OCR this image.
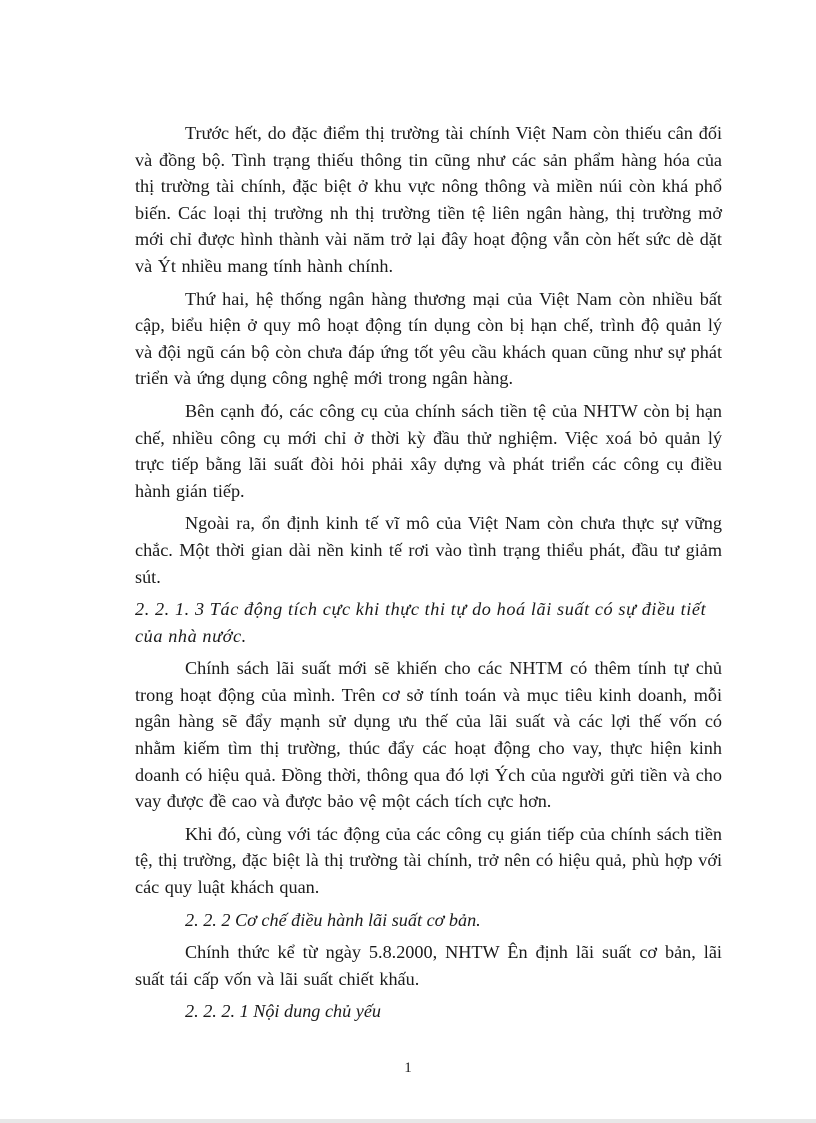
Trước hết, do đặc điểm thị trường tài chính Việt Nam còn thiếu cân đối và đồng bộ. Tình trạng thiếu thông tin cũng như các sản phẩm hàng hóa của thị trường tài chính, đặc biệt ở khu vực nông thông và miền núi còn khá phổ biến. Các loại thị trường nh thị trường tiền tệ liên ngân hàng, thị trường mở mới chỉ được hình thành vài năm trở lại đây hoạt động vẫn còn hết sức dè dặt và Ýt nhiều mang tính hành chính.

Thứ hai, hệ thống ngân hàng thương mại của Việt Nam còn nhiều bất cập, biểu hiện ở quy mô hoạt động tín dụng còn bị hạn chế, trình độ quản lý và đội ngũ cán bộ còn chưa đáp ứng tốt yêu cầu khách quan cũng như sự phát triển và ứng dụng công nghệ mới trong ngân hàng.

Bên cạnh đó, các công cụ của chính sách tiền tệ của NHTW còn bị hạn chế, nhiều công cụ mới chỉ ở thời kỳ đầu thử nghiệm. Việc xoá bỏ quản lý trực tiếp bằng lãi suất đòi hỏi phải xây dựng và phát triển các công cụ điều hành gián tiếp.

Ngoài ra, ổn định kinh tế vĩ mô của Việt Nam còn chưa thực sự vững chắc. Một thời gian dài nền kinh tế rơi vào tình trạng thiểu phát, đầu tư giảm sút.

2. 2. 1. 3 Tác động tích cực khi thực thi tự do hoá lãi suất có sự điều tiết của nhà nước.

Chính sách lãi suất mới sẽ khiến cho các NHTM có thêm tính tự chủ trong hoạt động của mình. Trên cơ sở tính toán và mục tiêu kinh doanh, mỗi ngân hàng sẽ đẩy mạnh sử dụng ưu thế của lãi suất và các lợi thế vốn có nhằm kiếm tìm thị trường, thúc đẩy các hoạt động cho vay, thực hiện kinh doanh có hiệu quả. Đồng thời, thông qua đó lợi Ých của người gửi tiền và cho vay được đề cao và được bảo vệ một cách tích cực hơn.

Khi đó, cùng với tác động của các công cụ gián tiếp của chính sách tiền tệ, thị trường, đặc biệt là thị trường tài chính, trở nên có hiệu quả, phù hợp với các quy luật khách quan.

2. 2. 2 Cơ chế điều hành lãi suất cơ bản.

Chính thức kể từ ngày 5.8.2000, NHTW Ên định lãi suất cơ bản, lãi suất tái cấp vốn và lãi suất chiết khấu.

2. 2. 2. 1 Nội dung chủ yếu

1
